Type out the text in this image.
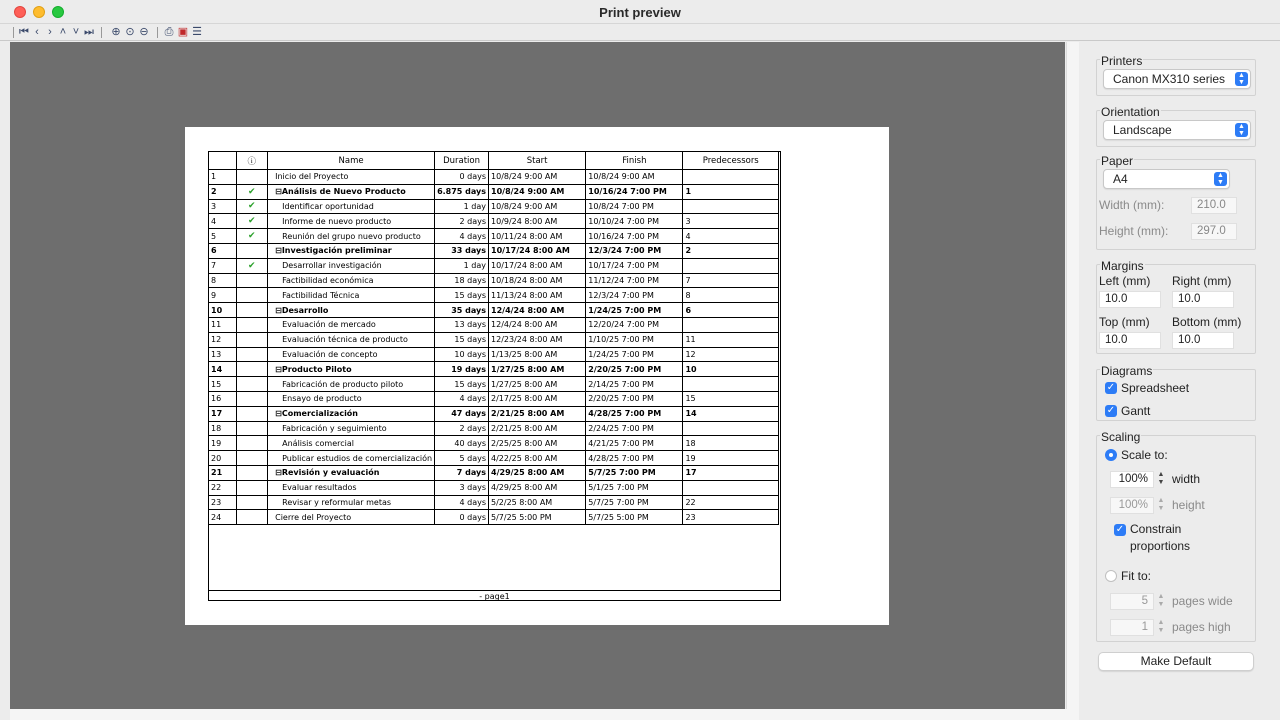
Print preview
⏮ ‹ › ˄ ˅ ⏭ ⊕ ⊙ ⊖ ⎙ ▣ ☰
	ⓘ	Name	Duration	Start	Finish	Predecessors
1		Inicio del Proyecto	0 days	10/8/24 9:00 AM	10/8/24 9:00 AM	
2	✔	⊟Análisis de Nuevo Producto	6.875 days	10/8/24 9:00 AM	10/16/24 7:00 PM	1
3	✔	Identificar oportunidad	1 day	10/8/24 9:00 AM	10/8/24 7:00 PM	
4	✔	Informe de nuevo producto	2 days	10/9/24 8:00 AM	10/10/24 7:00 PM	3
5	✔	Reunión del grupo nuevo producto	4 days	10/11/24 8:00 AM	10/16/24 7:00 PM	4
6		⊟Investigación preliminar	33 days	10/17/24 8:00 AM	12/3/24 7:00 PM	2
7	✔	Desarrollar investigación	1 day	10/17/24 8:00 AM	10/17/24 7:00 PM	
8		Factibilidad económica	18 days	10/18/24 8:00 AM	11/12/24 7:00 PM	7
9		Factibilidad Técnica	15 days	11/13/24 8:00 AM	12/3/24 7:00 PM	8
10		⊟Desarrollo	35 days	12/4/24 8:00 AM	1/24/25 7:00 PM	6
11		Evaluación de mercado	13 days	12/4/24 8:00 AM	12/20/24 7:00 PM	
12		Evaluación técnica de producto	15 days	12/23/24 8:00 AM	1/10/25 7:00 PM	11
13		Evaluación de concepto	10 days	1/13/25 8:00 AM	1/24/25 7:00 PM	12
14		⊟Producto Piloto	19 days	1/27/25 8:00 AM	2/20/25 7:00 PM	10
15		Fabricación de producto piloto	15 days	1/27/25 8:00 AM	2/14/25 7:00 PM	
16		Ensayo de producto	4 days	2/17/25 8:00 AM	2/20/25 7:00 PM	15
17		⊟Comercialización	47 days	2/21/25 8:00 AM	4/28/25 7:00 PM	14
18		Fabricación y seguimiento	2 days	2/21/25 8:00 AM	2/24/25 7:00 PM	
19		Análisis comercial	40 days	2/25/25 8:00 AM	4/21/25 7:00 PM	18
20		Publicar estudios de comercialización	5 days	4/22/25 8:00 AM	4/28/25 7:00 PM	19
21		⊟Revisión y evaluación	7 days	4/29/25 8:00 AM	5/7/25 7:00 PM	17
22		Evaluar resultados	3 days	4/29/25 8:00 AM	5/1/25 7:00 PM	
23		Revisar y reformular metas	4 days	5/2/25 8:00 AM	5/7/25 7:00 PM	22
24		Cierre del Proyecto	0 days	5/7/25 5:00 PM	5/7/25 5:00 PM	23
- page1
Printers
Canon MX310 series	▲
▼
Orientation
Landscape	▲
▼
Paper
A4	▲
▼
Width (mm):	210.0
Height (mm):	297.0
Margins
Left (mm) Right (mm)
10.0	10.0
Top (mm) Bottom (mm)
10.0	10.0
Diagrams
✓ Spreadsheet
✓ Gantt
Scaling
Scale to:
100%	▲
▼ width
100%	▲
▼ height
✓ Constrain
proportions
Fit to:
5	▲
▼ pages wide
1	▲
▼ pages high
Make Default
